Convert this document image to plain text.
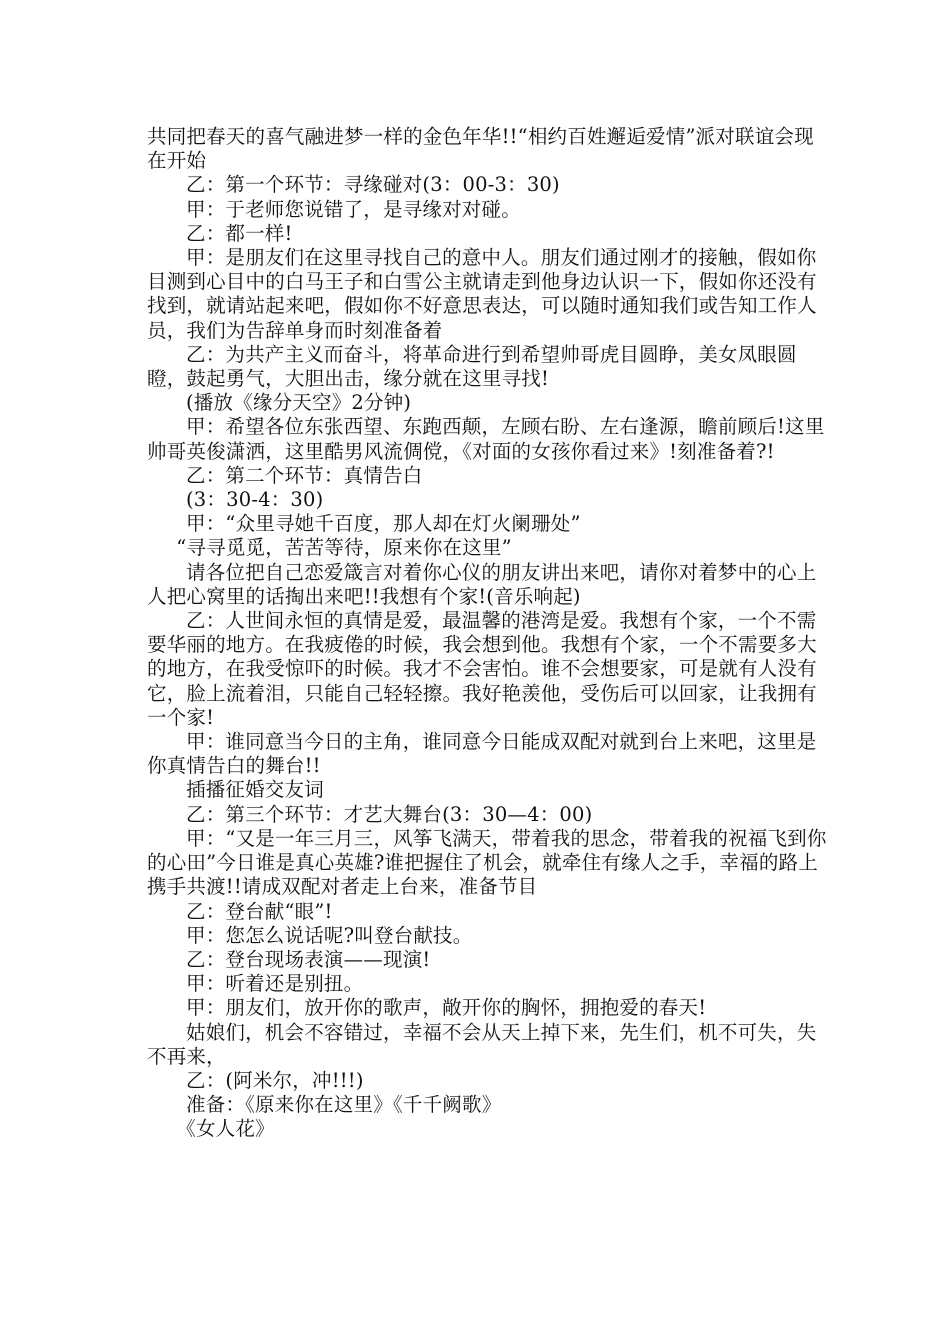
共同把春天的喜气融进梦一样的金色年华!!“相约百姓邂逅爱情”派对联谊会现在开始

乙：第一个环节：寻缘碰对(3：00-3：30)

甲：于老师您说错了，是寻缘对对碰。

乙：都一样!

甲：是朋友们在这里寻找自己的意中人。朋友们通过刚才的接触，假如你目测到心目中的白马王子和白雪公主就请走到他身边认识一下，假如你还没有找到，就请站起来吧，假如你不好意思表达，可以随时通知我们或告知工作人员，我们为告辞单身而时刻准备着

乙：为共产主义而奋斗，将革命进行到希望帅哥虎目圆睁，美女凤眼圆瞪，鼓起勇气，大胆出击，缘分就在这里寻找!

(播放《缘分天空》2分钟)

甲：希望各位东张西望、东跑西颠，左顾右盼、左右逢源，瞻前顾后!这里帅哥英俊潇洒，这里酷男风流倜傥，《对面的女孩你看过来》!刻准备着?!

乙：第二个环节：真情告白

(3：30-4：30)

甲：“众里寻她千百度，那人却在灯火阑珊处”

“寻寻觅觅，苦苦等待，原来你在这里”

请各位把自己恋爱箴言对着你心仪的朋友讲出来吧，请你对着梦中的心上人把心窝里的话掏出来吧!!我想有个家!(音乐响起)

乙：人世间永恒的真情是爱，最温馨的港湾是爱。我想有个家，一个不需要华丽的地方。在我疲倦的时候，我会想到他。我想有个家，一个不需要多大的地方，在我受惊吓的时候。我才不会害怕。谁不会想要家，可是就有人没有它，脸上流着泪，只能自己轻轻擦。我好艳羡他，受伤后可以回家，让我拥有一个家!

甲：谁同意当今日的主角，谁同意今日能成双配对就到台上来吧，这里是你真情告白的舞台!!

插播征婚交友词

乙：第三个环节：才艺大舞台(3：30—4：00)

甲：“又是一年三月三，风筝飞满天，带着我的思念，带着我的祝福飞到你的心田”今日谁是真心英雄?谁把握住了机会，就牵住有缘人之手，幸福的路上携手共渡!!请成双配对者走上台来，准备节目

乙：登台献“眼”!

甲：您怎么说话呢?叫登台献技。

乙：登台现场表演——现演!

甲：听着还是别扭。

甲：朋友们，放开你的歌声，敞开你的胸怀，拥抱爱的春天!

姑娘们，机会不容错过，幸福不会从天上掉下来，先生们，机不可失，失不再来，

乙：(阿米尔，冲!!!)

准备：《原来你在这里》《千千阙歌》

《女人花》
